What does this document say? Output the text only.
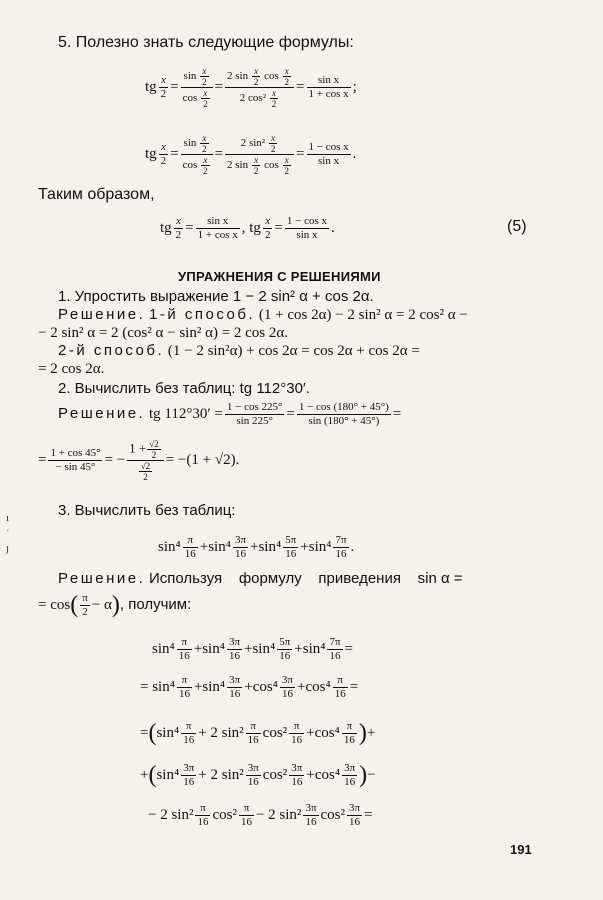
5. Полезно знать следующие формулы:
tg $\frac{x}{2} = \frac{\sin \frac{x}{2}}{\cos \frac{x}{2}} = \frac{2 \sin \frac{x}{2} \cos \frac{x}{2}}{2 \cos^2 \frac{x}{2}} = \frac{\text{sin x}}{\text{1 + cos x}}$ ;
tg $\frac{x}{2} = \frac{\sin \frac{x}{2}}{\cos \frac{x}{2}} = \frac{2 \sin^2 \frac{x}{2}}{2 \sin \frac{x}{2} \cos \frac{x}{2}} = \frac{\text{1 − cos x}}{\text{sin x}}$ .
Таким образом,
tg $\frac{x}{2} = \frac{\text{sin x}}{\text{1 + cos x}}$ ,
tg $\frac{x}{2} = \frac{\text{1 − cos x}}{\text{sin x}}$ .	(5)
УПРАЖНЕНИЯ С РЕШЕНИЯМИ
1. Упростить выражение 1 − 2 sin² α + cos 2α.
Решение. 1-й способ. (1 + cos 2α) − 2 sin² α = 2 cos² α −
− 2 sin² α = 2 (cos² α − sin² α) = 2 cos 2α.
2-й способ. (1 − 2 sin²α) + cos 2α = cos 2α + cos 2α =
= 2 cos 2α.
2. Вычислить без таблиц: tg 112°30′.
Решение.
tg $112^\circ 30' = \frac{1 - \cos 225^\circ}{\sin 225^\circ} = \frac{1 - \cos (180^\circ + 45^\circ)}{\sin (180^\circ + 45^\circ)}$ =
= $\frac{1 + \cos 45^\circ}{- \sin 45^\circ}$ = − $\frac{1 + \frac{√2}{2}}{\frac{√2}{2}} = -(1 + √2)$.
3. Вычислить без таблиц:
$\sin^4 \frac{\pi}{16} + \sin^4 \frac{3\pi}{16} + \sin^4 \frac{5\pi}{16} + \sin^4 \frac{7\pi}{16}$ .
Решение. Используя    формулу    приведения    sin α =
= cos ( $\frac{\pi}{2} - \alpha$ ) , получим:
$\sin^4 \frac{\pi}{16} + \sin^4 \frac{3\pi}{16} + \sin^4 \frac{5\pi}{16} + \sin^4 \frac{7\pi}{16}$ =
= $\sin^4 \frac{\pi}{16} + \sin^4 \frac{3\pi}{16} + \cos^4 \frac{3\pi}{16} + \cos^4 \frac{\pi}{16}$ =
= ( $\sin^4 \frac{\pi}{16} + 2$ $\sin^2 \frac{\pi}{16} \cos^2 \frac{\pi}{16} + \cos^4 \frac{\pi}{16}$ ) +
+ ( $\sin^4 \frac{3\pi}{16} + 2$ $\sin^2 \frac{3\pi}{16} \cos^2 \frac{3\pi}{16} + \cos^4 \frac{3\pi}{16}$ ) −
− 2 $\sin^2 \frac{\pi}{16} \cos^2 \frac{\pi}{16} - 2$ $\sin^2 \frac{3\pi}{16} \cos^2 \frac{3\pi}{16}$ =
ı
ʿ
ȷ
191
